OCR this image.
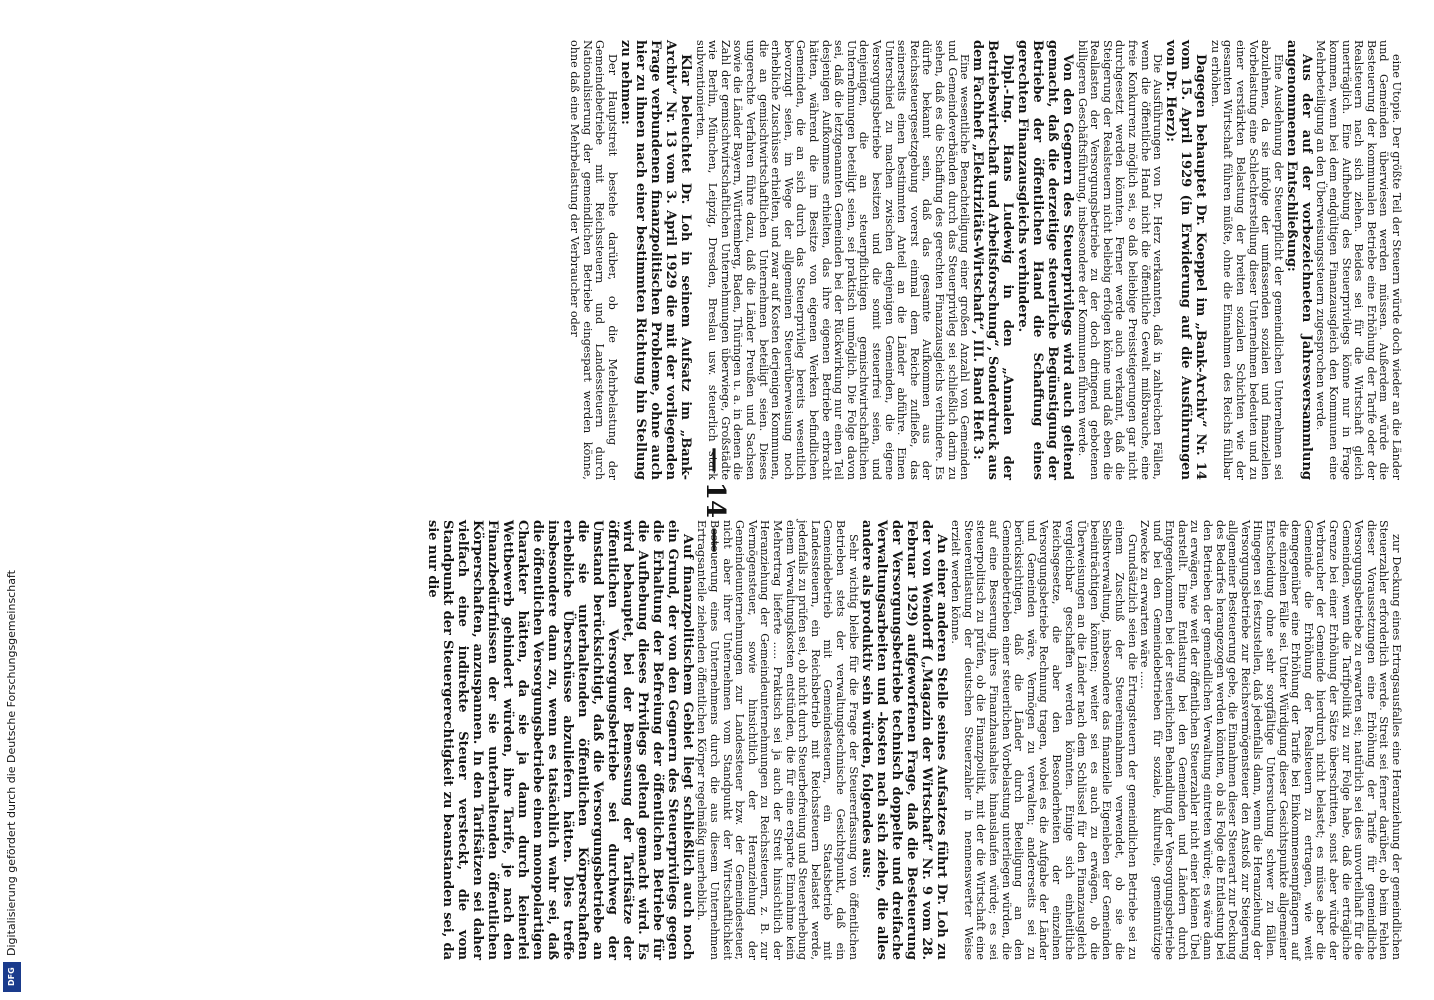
zur Deckung eines Ertragsausfalles eine Heranziehung der gemeindlichen Steuerzahler erforderlich werde. Streit sei ferner darüber, ob beim Fehlen dieser Voraussetzungen eine Erhöhung der Tarife für gemeindliche Versorgungsbetriebe zu erwarten sei; natürlich sei dies unvorteilhaft für die Gemeinden, wenn die Tarifpolitik zu zur Folge habe, daß die erträgliche Grenze bei einer Erhöhung der Sätze überschritten, sonst aber würde der Verbraucher der Gemeinde hierdurch nicht belastet; es müsse aber die Gemeinde die Erhöhung der Realsteuern zu ertragen, wie weit demgegenüber eine Erhöhung der Tarife bei Einkommensempfängern auf die einzelnen Fälle sei. Unter Würdigung dieser Gesichtspunkte allgemeiner Entscheidung ohne sehr sorgfältige Untersuchung schwer zu fällen. Hingegen sei festzustellen, daß jedenfalls dann, wenn die Heranziehung der Versorgungsbetriebe zur Reichsvermögensteuer den Anstoß zur Steigerung allgemeiner Besteuerung gebe, die Einnahmen dieser Steuerart zur Deckung des Bedarfes herangezogen werden könnten, ob als Folge die Entlastung bei den Betrieben der gemeindlichen Verwaltung eintreten würde; es wäre dann zu erwägen, wie weit der öffentlichen Steuerzahler nicht einer kleinen Übel darstellt. Eine Entlastung bei den Gemeinden und Ländern durch Entgegenkommen bei der steuerlichen Behandlung der Versorgungsbetriebe und bei den Gemeindebetrieben für soziale, kulturelle, gemeinnützige Zwecke zu erwarten wäre .....

Grundsätzlich seien die Ertragsteuern der gemeindlichen Betriebe sei zu einem Zuschuß der Steuereinnahmen verwendet, ob sie die Selbstverwaltung, insbesondere das finanzielle Eigenleben der Gemeinden beeinträchtigen könnten; weiter sei es auch zu erwägen, ob die Überweisungen an die Länder nach dem Schlüssel für den Finanzausgleich vergleichbar geschaffen werden könnten. Einige sich einheitliche Reichsgesetze, die aber den Besonderheiten der einzelnen Versorgungsbetriebe Rechnung tragen, wobei es die Aufgabe der Länder und Gemeinden wäre, Vermögen zu verwalten; andererseits sei zu berücksichtigen, daß die Länder durch Beteiligung an den Gemeindebetrieben einer steuerlichen Vorbelastung unterliegen würden, die auf eine Besserung ihres Finanzhaushaltes hinauslaufen würde; es sei steuerpolitisch zu prüfen, ob die Finanzpolitik, mit der die Wirtschaft eine Steuerentlastung der deutschen Steuerzahler in nennenswerter Weise erzielt werden könne.

An einer anderen Stelle seines Aufsatzes führt Dr. Loh zu der von Wendorff („Magazin der Wirtschaft“ Nr. 9 vom 28. Februar 1929) aufgeworfenen Frage, daß die Besteuerung der Versorgungsbetriebe technisch doppelte und dreifache Verwaltungsarbeiten und -kosten nach sich ziehe, die alles andere als produktiv sein würden, folgendes aus:

Sehr wichtig bleibe für die Frage der Steuererfassung von öffentlichen Betrieben stets der verwaltungstechnische Gesichtspunkt, daß ein Gemeindebetrieb mit Gemeindesteuern, ein Staatsbetrieb mit Landessteuern, ein Reichsbetrieb mit Reichssteuern belastet werde, jedenfalls zu prüfen sei, ob nicht durch Steuerbefreiung und Steuererhebung einem Verwaltungskosten entstünden, die für eine ersparte Einnahme kein Mehrertrag lieferte ..... Praktisch sei ja auch der Streit hinsichtlich der Heranziehung der Gemeindeunternehmungen zu Reichssteuern, z. B. zur Vermögensteuer, sowie hinsichtlich der Heranziehung der Gemeindeunternehmungen zur Landessteuer bzw. der Gemeindesteuer, nicht aber ihrer Unternehmen vom Standpunkt der Wirtschaftlichkeit Besteuerung eines Unternehmens durch die aus diesem Unternehmen Ertragsanteile ziehenden öffentlichen Körper regelmäßig unerheblich.

Auf finanzpolitischem Gebiet liegt schließlich auch noch ein Grund, der von den Gegnern des Steuerprivilegs gegen die Erhaltung der Befreiung der öffentlichen Betriebe für die Aufhebung dieses Privilegs geltend gemacht wird. Es wird behauptet, bei der Bemessung der Tarifsätze der öffentlichen Versorgungsbetriebe sei durchweg der Umstand berücksichtigt, daß die Versorgungsbetriebe an die sie unterhaltenden öffentlichen Körperschaften erhebliche Überschüsse abzuliefern hätten. Dies treffe insbesondere dann zu, wenn es tatsächlich wahr sei, daß die öffentlichen Versorgungsbetriebe einen monopolartigen Charakter hätten, da sie ja dann durch keinerlei Wettbewerb gehindert würden, ihre Tarife, je nach den Finanzbedürfnissen der sie unterhaltenden öffentlichen Körperschaften, anzuspannen. In den Tarifsätzen sei daher vielfach eine indirekte Steuer versteckt, die vom Standpunkt der Steuergerechtigkeit zu beanstanden sei, da sie nur die

eine Utopie. Der größte Teil der Steuern würde doch wieder an die Länder und Gemeinden überwiesen werden müssen. Außerdem würde die Besteuerung der kommunalen Betriebe eine Erhöhung der Tarife oder der Realsteuern nach sich ziehen. Beides sei für die Wirtschaft gleich unerträglich. Eine Aufhebung des Steuerprivilegs könne nur in Frage kommen, wenn bei dem endgültigen Finanzausgleich den Kommunen eine Mehrbeteiligung an den Überweisungssteuern zugesprochen werde.

Aus der auf der vorbezeichneten Jahresversammlung angenommenen Entschließung:

Eine Ausdehnung der Steuerpflicht der gemeindlichen Unternehmen sei abzulehnen, da sie infolge der umfassenden sozialen und finanziellen Vorbelastung eine Schlechterstellung dieser Unternehmen bedeuten und zu einer verstärkten Belastung der breiten sozialen Schichten wie der gesamten Wirtschaft führen müßte, ohne die Einnahmen des Reichs fühlbar zu erhöhen.

Dagegen behauptet Dr. Koeppel im „Bank-Archiv“ Nr. 14 vom 15. April 1929 (in Erwiderung auf die Ausführungen von Dr. Herz):

Die Ausführungen von Dr. Herz verkannten, daß in zahlreichen Fällen, wenn die öffentliche Hand nicht die öffentliche Gewalt mißbrauche, eine freie Konkurrenz möglich sei, so daß beliebige Preissteigerungen gar nicht durchgesetzt werden könnten. Ferner werde auch verkannt, daß die Steigerung der Realsteuern nicht beliebig erfolgen könne und daß eben die Reallasten der Versorgungsbetriebe zu der doch dringend gebotenen billigeren Geschäftsführung, insbesondere der Kommunen führen werde.

Von den Gegnern des Steuerprivilegs wird auch geltend gemacht, daß die derzeitige steuerliche Begünstigung der Betriebe der öffentlichen Hand die Schaffung eines gerechten Finanzausgleichs verhindere.

Dipl.-Ing. Hans Ludewig in den „Annalen der Betriebswirtschaft und Arbeitsforschung“, Sonderdruck aus dem Fachheft „Elektrizitäts-Wirtschaft“, III. Band Heft 3:

Eine wesentliche Benachteiligung einer großen Anzahl von Gemeinden und Gemeindeverbänden durch das Steuerprivileg sei schließlich darin zu sehen, daß es die Schaffung des gerechten Finanzausgleichs verhindere. Es dürfte bekannt sein, daß das gesamte Aufkommen aus der Reichssteuergesetzgebung vorerst einmal dem Reiche zufließe, das seinerseits einen bestimmten Anteil an die Länder abführe. Einen Unterschied zu machen zwischen denjenigen Gemeinden, die eigene Versorgungsbetriebe besitzen und die somit steuerfrei seien, und denjenigen, die an steuerpflichtigen gemischtwirtschaftlichen Unternehmungen beteiligt seien, sei praktisch unmöglich. Die Folge davon sei, daß die letztgenannten Gemeinden bei der Rückwirkung nur einen Teil desjenigen Aufkommens erhielten, das ihre eigenen Betriebe erbracht hätten, während die im Besitze von eigenen Werken befindlichen Gemeinden, die an sich durch das Steuerprivileg bereits wesentlich bevorzugt seien, im Wege der allgemeinen Steuerüberweisung noch erhebliche Zuschüsse erhielten, und zwar auf Kosten derjenigen Kommunen, die an gemischtwirtschaftlichen Unternehmen beteiligt seien. Dieses ungerechte Verfahren führe dazu, daß die Länder Preußen und Sachsen sowie die Länder Bayern, Württemberg, Baden, Thüringen u. a. in denen die Zahl der gemischtwirtschaftlichen Unternehmungen überwiege, Großstädte wie Berlin, München, Leipzig, Dresden, Breslau usw. steuerlich stark subventionierten.

Klar beleuchtet Dr. Loh in seinem Aufsatz im „Bank-Archiv“ Nr. 13 vom 3. April 1929 die mit der vorliegenden Frage verbundenen finanzpolitischen Probleme, ohne auch hier zu ihnen nach einer bestimmten Richtung hin Stellung zu nehmen:

Der Hauptstreit bestehe darüber, ob die Mehrbelastung der Gemeindebetriebe mit Reichssteuern und Landessteuern durch Nationalisierung der gemeindlichen Betriebe eingespart werden könne, ohne daß eine Mehrbelastung der Verbraucher oder

— 14 —
DFG
Digitalisierung gefördert durch die Deutsche Forschungsgemeinschaft
